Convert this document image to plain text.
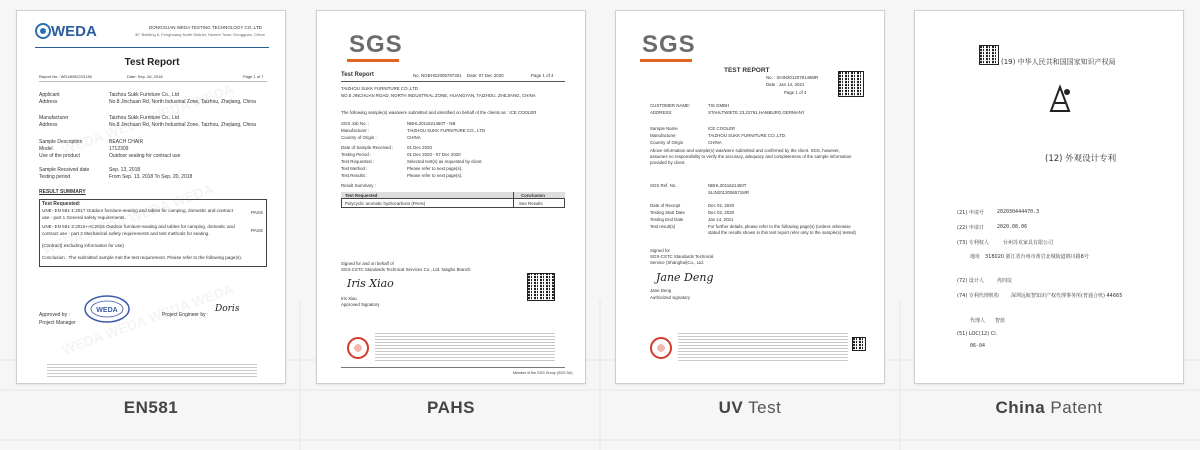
WEDA	DONGGUAN WEDA TESTING TECHNOLOGY CO.,LTD
3F, Building 6, Fenghuang North District, Humen Town, Dongguan, China
Test Report
Report No.: WD1809220313E	Date: Sep. 26, 2018	Page 1 of 7
Applicant	Taizhou Sukk Furniture Co., Ltd
Address	No.8 Jinchuan Rd, North Industrial Zone, Taizhou, Zhejiang, China
Manufacturer	Taizhou Sukk Furniture Co., Ltd
Address	No.8 Jinchuan Rd, North Industrial Zone, Taizhou, Zhejiang, China
Sample Description	BEACH CHAIR
Model	1712309
Use of the product	Outdoor seating for contract use
Sample Received date	Sep. 13, 2018
Testing period	From Sep. 13, 2018 To Sep. 20, 2018
RESULT SUMMARY
Test Requested:
UNE- EN 581-1:2017 Outdoor furniture-seating and tables for camping, domestic and contract use - part 1 General safety requirements.
PASS
UNE- EN 581-2:2015+AC2016 Outdoor furniture-seating and tables for camping, domestic and contract use - part 2 Mechanical safety requirements and test methods for seating.
(Contract) excluding information for use)
PASS
Conclusion : The submitted sample met the test requirement. Please refer to the following page(s).
Approved by :
Project Manager
WEDA
Project Engineer by :
Doris
SGS
Test Report	No. NGBHG2005787301 Date: 07 Dec 2020	Page 1 of 4
TAIZHOU SUKK FURNITURE CO.,LTD
NO.8 JINCHUAN ROAD, NORTH INDUSTRIAL ZONE, HUANGYAN, TAIZHOU, ZHEJIANG, CHINA
The following sample(s) was/were submitted and identified on behalf of the clients as : ICE COOLER
SGS Job No. :	NBHL2011621450T - NB
Manufacturer :	TAIZHOU SUKK FURNITURE CO., LTD
Country of Origin :	CHINA
Date of Sample Received :	01 Dec 2020
Testing Period :	01 Dec 2020 - 07 Dec 2020
Test Requested :	Selected test(s) as requested by client.
Test Method :	Please refer to next page(s).
Test Results :	Please refer to next page(s).
Result Summary :
Test Requested	Conclusion
Polycyclic aromatic hydrocarbons (PAHs)	See Results
Signed for and on behalf of
SGS-CSTC Standards Technical Services Co., Ltd. Ningbo Branch
Iris Xiao
Iris Xiao
Approved Signatory
Member of the SGS Group (SGS SA)
SGS
TEST REPORT
No. : SHIN2012079146MR
Date : Jan 14, 2021
Page 1 of 4
CUSTOMER NAME:	TIS GMBH
ADDRESS:	STAHLTWIETE 23,22761,HAMBURG,GERMANY
Sample Name	ICE COOLER
Manufacturer	TAIZHOU SUKK FURNITURE CO.,LTD.
Country of Origin	CHINA
Above information and sample(s) was/were submitted and confirmed by the client. SGS, however, assumes no responsibility to verify the accuracy, adequacy and completeness of the sample information provided by client.
SGS Ref. No.	NBHL2011621450T
SLIN2012006571MR
Date of Receipt	Dec 02, 2020
Testing Start Date	Dec 02, 2020
Testing End Date	Jan 14, 2021
Test result(s)	For further details, please refer to the following page(s) (Unless otherwise stated the results shown in this test report refer only to the sample(s) tested)
Signed for
SGS-CSTC Standards Technical
Service (Shanghai)Co., Ltd.
Jane Deng
Jane Deng
Authorized signatory
(19) 中华人民共和国国家知识产权局
(12) 外观设计专利
(21) 申请号	202030444470.3
(22) 申请日	2020.08.06
(73) 专利权人	台州苏克家具有限公司
地址 318020 浙江省台州市黄岩北城街道锦川路8号
(72) 设计人	冉四坟
(74) 专利代理机构 深圳远航智知识产权代理事务所(普通合伙) 44665
代理人 智蓝
(51) LOC(12) Cl.
06-04
EN581	PAHS	UV Test	China Patent
